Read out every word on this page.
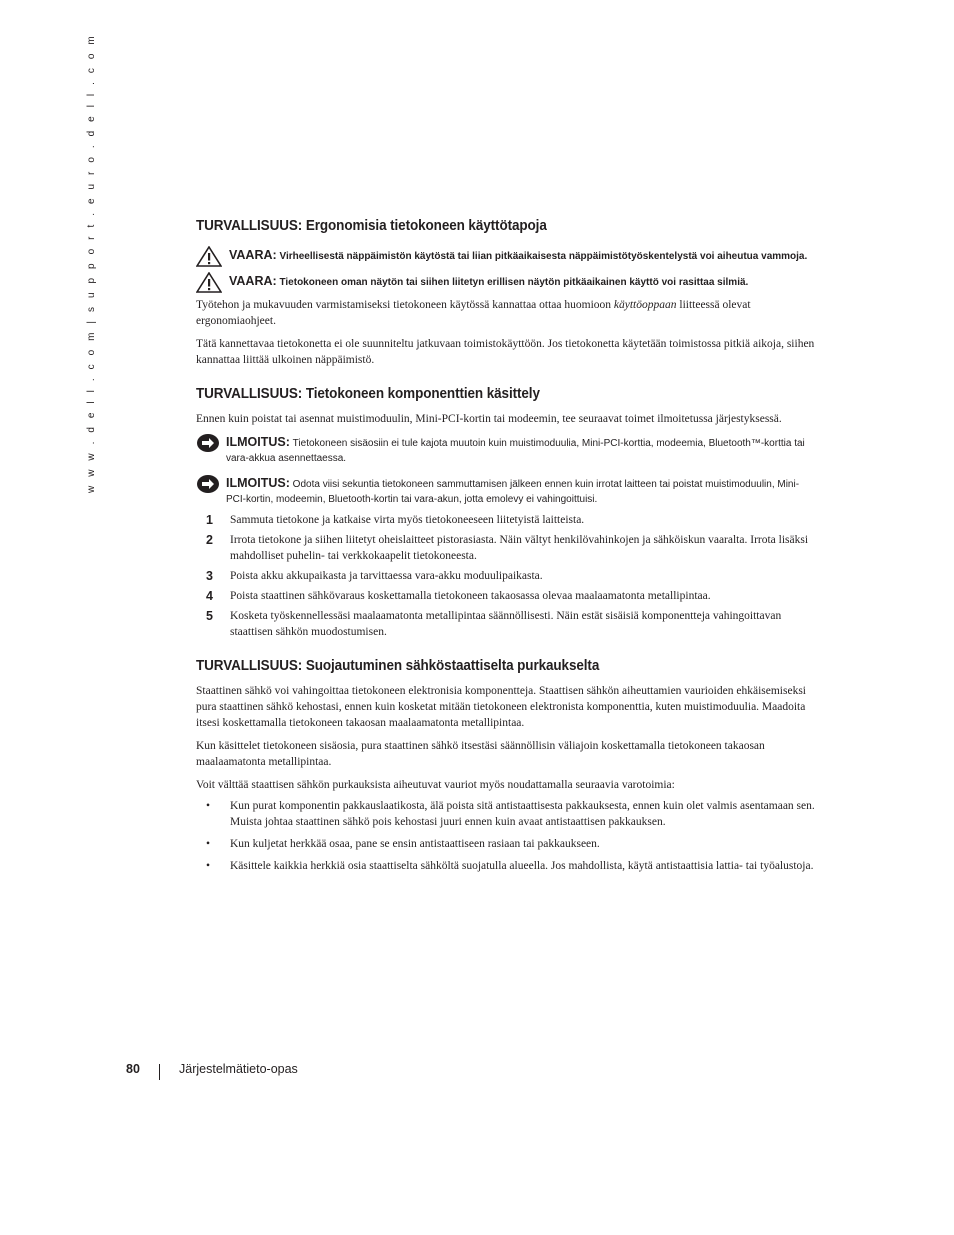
w w w . d e l l . c o m | s u p p o r t . e u r o . d e l l . c o m	TURVALLISUUS: Ergonomisia tietokoneen käyttötapoja
VAARA: Virheellisestä näppäimistön käytöstä tai liian pitkäaikaisesta näppäimistötyöskentelystä voi aiheutua vammoja.
VAARA: Tietokoneen oman näytön tai siihen liitetyn erillisen näytön pitkäaikainen käyttö voi rasittaa silmiä.

Työtehon ja mukavuuden varmistamiseksi tietokoneen käytössä kannattaa ottaa huomioon käyttöoppaan liitteessä olevat ergonomiaohjeet.

Tätä kannettavaa tietokonetta ei ole suunniteltu jatkuvaan toimistokäyttöön. Jos tietokonetta käytetään toimistossa pitkiä aikoja, siihen kannattaa liittää ulkoinen näppäimistö.

TURVALLISUUS: Tietokoneen komponenttien käsittely

Ennen kuin poistat tai asennat muistimoduulin, Mini-PCI-kortin tai modeemin, tee seuraavat toimet ilmoitetussa järjestyksessä.

ILMOITUS: Tietokoneen sisäosiin ei tule kajota muutoin kuin muistimoduulia, Mini-PCI-korttia, modeemia, Bluetooth™-korttia tai vara-akkua asennettaessa.
ILMOITUS: Odota viisi sekuntia tietokoneen sammuttamisen jälkeen ennen kuin irrotat laitteen tai poistat muistimoduulin, Mini-PCI-kortin, modeemin, Bluetooth-kortin tai vara-akun, jotta emolevy ei vahingoittuisi.
1 Sammuta tietokone ja katkaise virta myös tietokoneeseen liitetyistä laitteista.
2 Irrota tietokone ja siihen liitetyt oheislaitteet pistorasiasta. Näin vältyt henkilövahinkojen ja sähköiskun vaaralta. Irrota lisäksi mahdolliset puhelin- tai verkkokaapelit tietokoneesta.
3 Poista akku akkupaikasta ja tarvittaessa vara-akku moduulipaikasta.
4 Poista staattinen sähkövaraus koskettamalla tietokoneen takaosassa olevaa maalaamatonta metallipintaa.
5 Kosketa työskennellessäsi maalaamatonta metallipintaa säännöllisesti. Näin estät sisäisiä komponentteja vahingoittavan staattisen sähkön muodostumisen.
TURVALLISUUS: Suojautuminen sähköstaattiselta purkaukselta

Staattinen sähkö voi vahingoittaa tietokoneen elektronisia komponentteja. Staattisen sähkön aiheuttamien vaurioiden ehkäisemiseksi pura staattinen sähkö kehostasi, ennen kuin kosketat mitään tietokoneen elektronista komponenttia, kuten muistimoduulia. Maadoita itsesi koskettamalla tietokoneen takaosan maalaamatonta metallipintaa.

Kun käsittelet tietokoneen sisäosia, pura staattinen sähkö itsestäsi säännöllisin väliajoin koskettamalla tietokoneen takaosan maalaamatonta metallipintaa.

Voit välttää staattisen sähkön purkauksista aiheutuvat vauriot myös noudattamalla seuraavia varotoimia:

• Kun purat komponentin pakkauslaatikosta, älä poista sitä antistaattisesta pakkauksesta, ennen kuin olet valmis asentamaan sen. Muista johtaa staattinen sähkö pois kehostasi juuri ennen kuin avaat antistaattisen pakkauksen.
• Kun kuljetat herkkää osaa, pane se ensin antistaattiseen rasiaan tai pakkaukseen.
• Käsittele kaikkia herkkiä osia staattiselta sähköltä suojatulla alueella. Jos mahdollista, käytä antistaattisia lattia- tai työalustoja.
80	Järjestelmätieto-opas
